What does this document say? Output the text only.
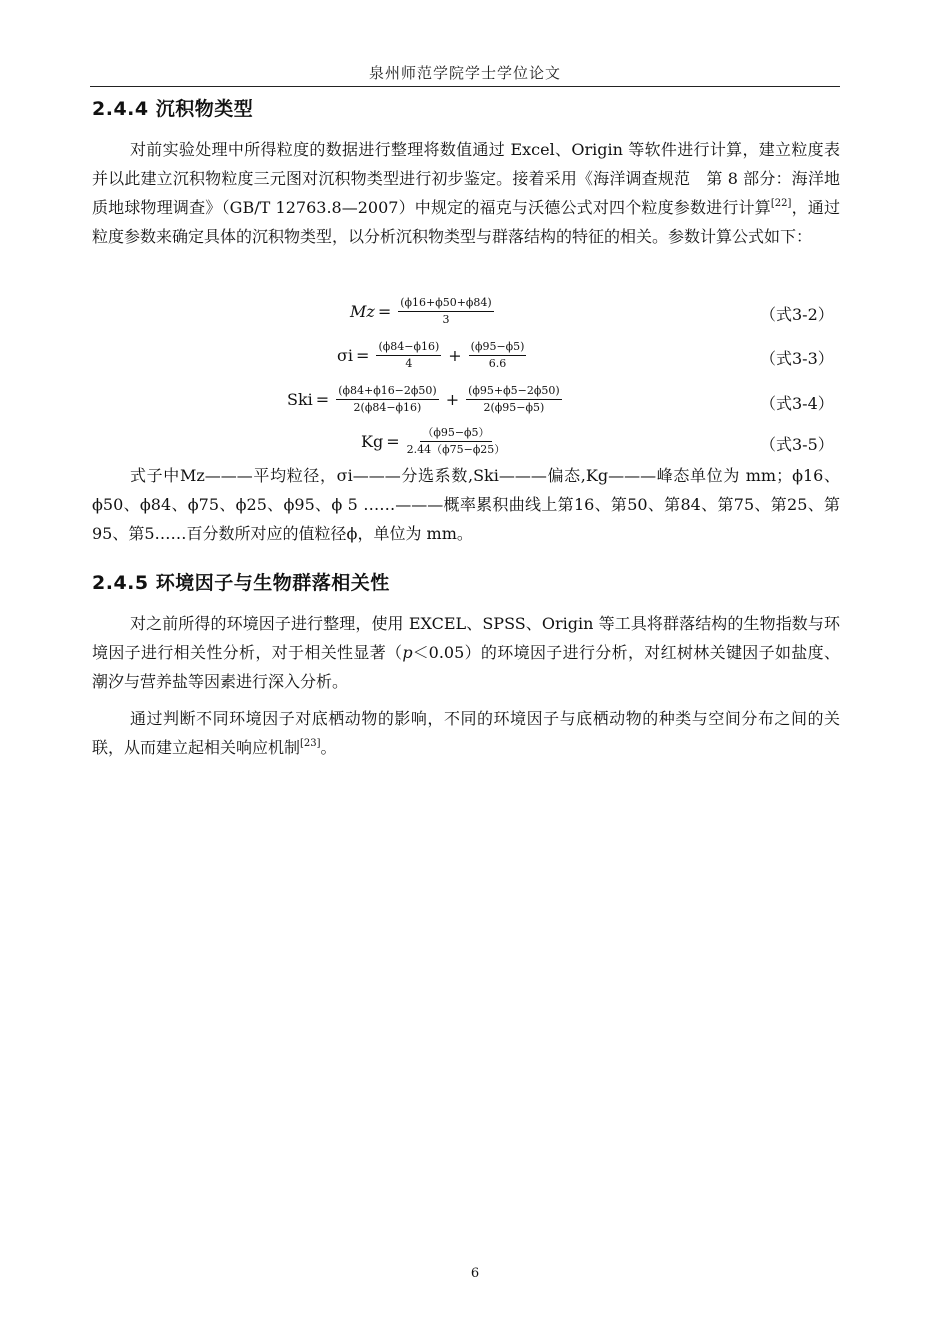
泉州师范学院学士学位论文
2.4.4 沉积物类型

对前实验处理中所得粒度的数据进行整理将数值通过 Excel、Origin 等软件进行计算，建立粒度表并以此建立沉积物粒度三元图对沉积物类型进行初步鉴定。接着采用《海洋调查规范　第 8 部分：海洋地质地球物理调查》（GB/T 12763.8—2007）中规定的福克与沃德公式对四个粒度参数进行计算[22]，通过粒度参数来确定具体的沉积物类型，以分析沉积物类型与群落结构的特征的相关。参数计算公式如下：

$Mz = \frac{(\phi 16+\phi 50+\phi 84)}{3}$	（式3-2）
$\sigma i = \frac{(\phi 84-\phi 16)}{4} + \frac{(\phi 95-\phi 5)}{6.6}$	（式3-3）
Ski = $\frac{(\phi 84+\phi 16-2\phi 50)}{2(\phi 84-\phi 16)} + \frac{(\phi 95+\phi 5-2\phi 50)}{2(\phi 95-\phi 5)}$	（式3-4）
$Kg = \frac{(\phi 95-\phi 5)}{2.44(\phi 75-\phi 25)}$	（式3-5）

式子中Mz———平均粒径，σi———分选系数,Ski———偏态,Kg———峰态单位为 mm；ϕ16、ϕ50、ϕ84、ϕ75、ϕ25、ϕ95、ϕ 5 ……———概率累积曲线上第16、第50、第84、第75、第25、第95、第5……百分数所对应的值粒径ϕ，单位为 mm。

2.4.5 环境因子与生物群落相关性

对之前所得的环境因子进行整理，使用 EXCEL、SPSS、Origin 等工具将群落结构的生物指数与环境因子进行相关性分析，对于相关性显著（p＜0.05）的环境因子进行分析，对红树林关键因子如盐度、潮汐与营养盐等因素进行深入分析。

通过判断不同环境因子对底栖动物的影响，不同的环境因子与底栖动物的种类与空间分布之间的关联，从而建立起相关响应机制[23]。

6
